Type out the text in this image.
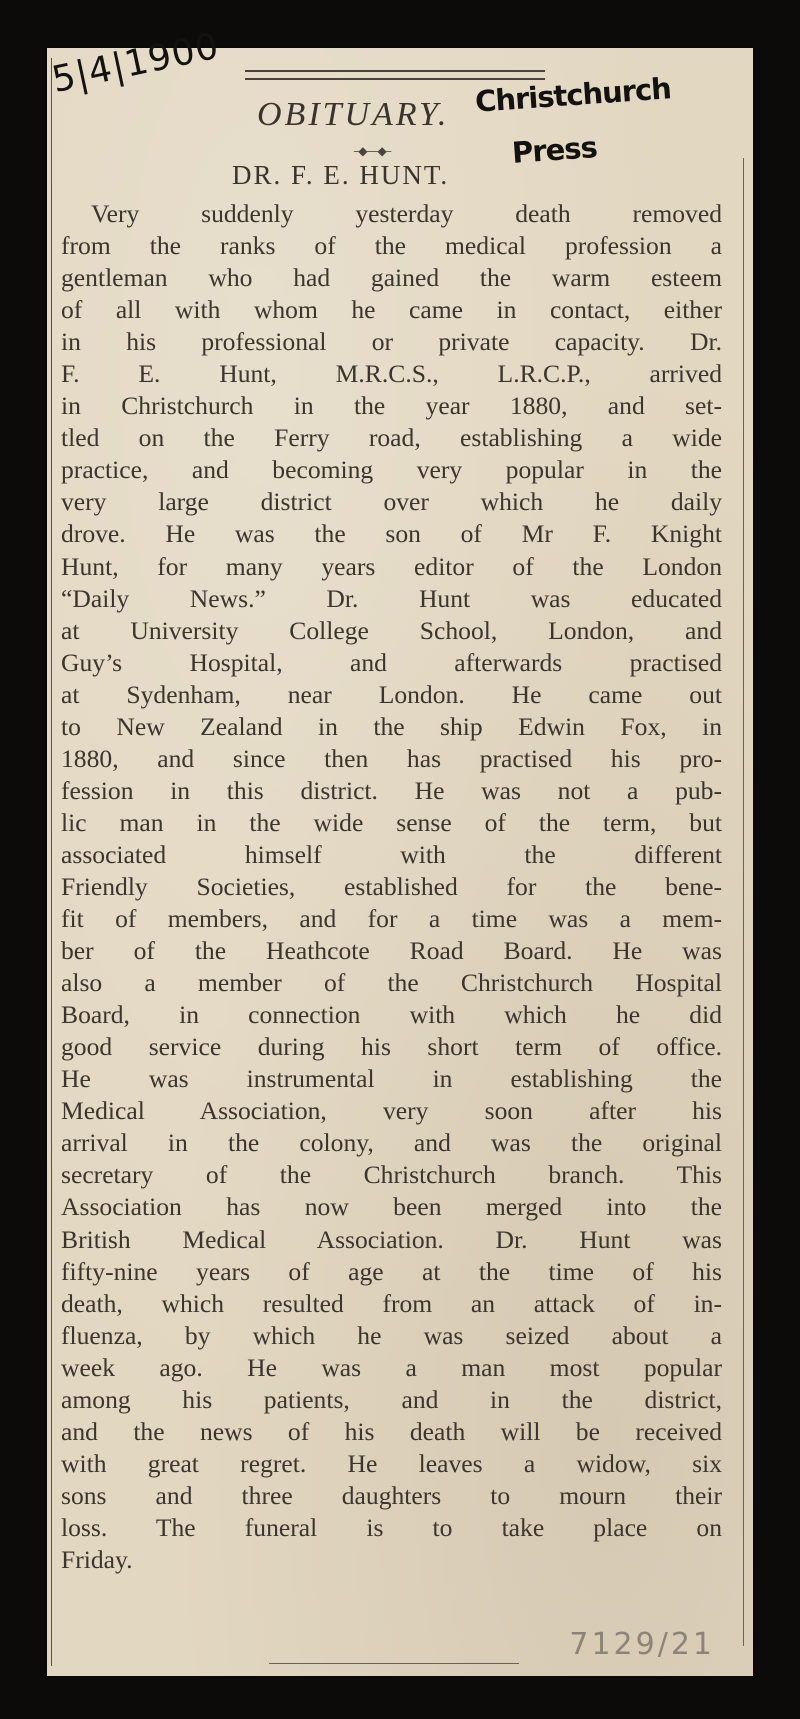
5|4|1900
OBITUARY. Christchurch
Press
–◆—◆–
DR. F. E. HUNT.
Very suddenly yesterday death removed
from the ranks of the medical profession a
gentleman who had gained the warm esteem
of all with whom he came in contact, either
in his professional or private capacity. Dr.
F. E. Hunt, M.R.C.S., L.R.C.P., arrived
in Christchurch in the year 1880, and set-
tled on the Ferry road, establishing a wide
practice, and becoming very popular in the
very large district over which he daily
drove. He was the son of Mr F. Knight
Hunt, for many years editor of the London
“Daily News.” Dr. Hunt was educated
at University College School, London, and
Guy’s Hospital, and afterwards practised
at Sydenham, near London. He came out
to New Zealand in the ship Edwin Fox, in
1880, and since then has practised his pro-
fession in this district. He was not a pub-
lic man in the wide sense of the term, but
associated himself with the different
Friendly Societies, established for the bene-
fit of members, and for a time was a mem-
ber of the Heathcote Road Board. He was
also a member of the Christchurch Hospital
Board, in connection with which he did
good service during his short term of office.
He was instrumental in establishing the
Medical Association, very soon after his
arrival in the colony, and was the original
secretary of the Christchurch branch. This
Association has now been merged into the
British Medical Association. Dr. Hunt was
fifty-nine years of age at the time of his
death, which resulted from an attack of in-
fluenza, by which he was seized about a
week ago. He was a man most popular
among his patients, and in the district,
and the news of his death will be received
with great regret. He leaves a widow, six
sons and three daughters to mourn their
loss. The funeral is to take place on
Friday.
7129/21
